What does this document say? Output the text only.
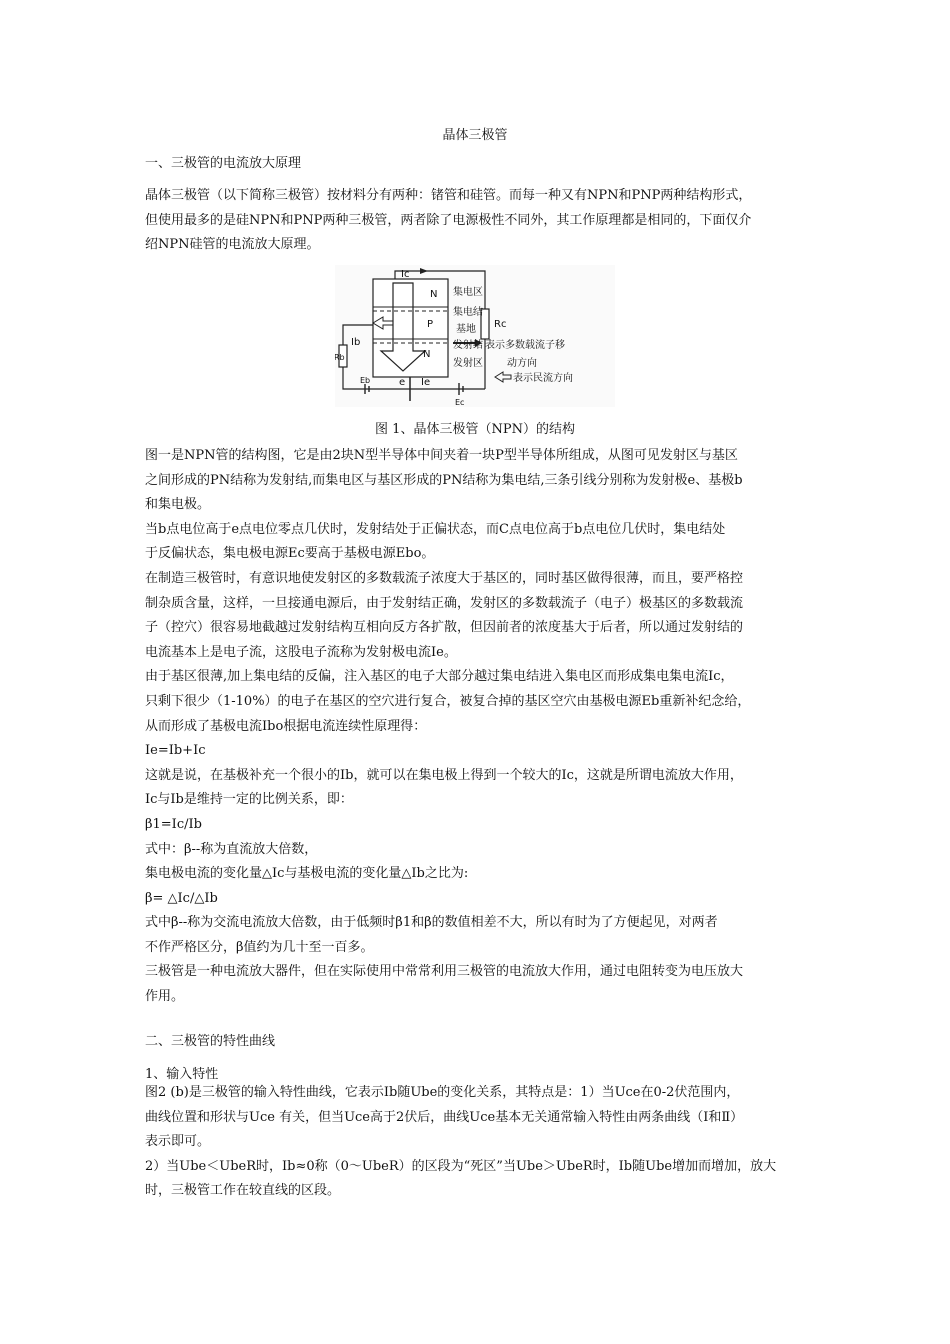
晶体三极管
一、三极管的电流放大原理
晶体三极管（以下简称三极管）按材料分有两种：锗管和硅管。而每一种又有NPN和PNP两种结构形式，
但使用最多的是硅NPN和PNP两种三极管，两者除了电源极性不同外，其工作原理都是相同的，下面仅介
绍NPN硅管的电流放大原理。
Ic
集电区
集电结
基地
发射结
发射区
Rc
Ib
Rb
Eb	e Ie
Ec
N
P
N
表示多数载流子移
动方向
表示民流方向
图 1、晶体三极管（NPN）的结构
图一是NPN管的结构图，它是由2块N型半导体中间夹着一块P型半导体所组成，从图可见发射区与基区
之间形成的PN结称为发射结,而集电区与基区形成的PN结称为集电结,三条引线分别称为发射极e、基极b
和集电极。
当b点电位高于e点电位零点几伏时，发射结处于正偏状态，而C点电位高于b点电位几伏时，集电结处
于反偏状态，集电极电源Ec要高于基极电源Ebo。
在制造三极管时，有意识地使发射区的多数载流子浓度大于基区的，同时基区做得很薄，而且，要严格控
制杂质含量，这样，一旦接通电源后，由于发射结正确，发射区的多数载流子（电子）极基区的多数载流
子（控穴）很容易地截越过发射结构互相向反方各扩散，但因前者的浓度基大于后者，所以通过发射结的
电流基本上是电子流，这股电子流称为发射极电流Ie。
由于基区很薄,加上集电结的反偏，注入基区的电子大部分越过集电结进入集电区而形成集电集电流Ic，
只剩下很少（1-10%）的电子在基区的空穴进行复合，被复合掉的基区空穴由基极电源Eb重新补纪念给，
从而形成了基极电流Ibo根据电流连续性原理得：
Ie=Ib+Ic
这就是说，在基极补充一个很小的Ib，就可以在集电极上得到一个较大的Ic，这就是所谓电流放大作用，
Ic与Ib是维持一定的比例关系，即：
β1=Ic/Ib
式中：β--称为直流放大倍数，
集电极电流的变化量△Ic与基极电流的变化量△Ib之比为:
β= △Ic/△Ib
式中β--称为交流电流放大倍数，由于低频时β1和β的数值相差不大，所以有时为了方便起见，对两者
不作严格区分，β值约为几十至一百多。
三极管是一种电流放大器件，但在实际使用中常常利用三极管的电流放大作用，通过电阻转变为电压放大
作用。
二、三极管的特性曲线
1、输入特性
图2 (b)是三极管的输入特性曲线，它表示Ib随Ube的变化关系，其特点是：1）当Uce在0-2伏范围内，
曲线位置和形状与Uce 有关，但当Uce高于2伏后，曲线Uce基本无关通常输入特性由两条曲线（Ⅰ和Ⅱ）
表示即可。
2）当Ube＜UbeR时，Ib≈0称（0～UbeR）的区段为“死区”当Ube＞UbeR时，Ib随Ube增加而增加，放大
时，三极管工作在较直线的区段。
